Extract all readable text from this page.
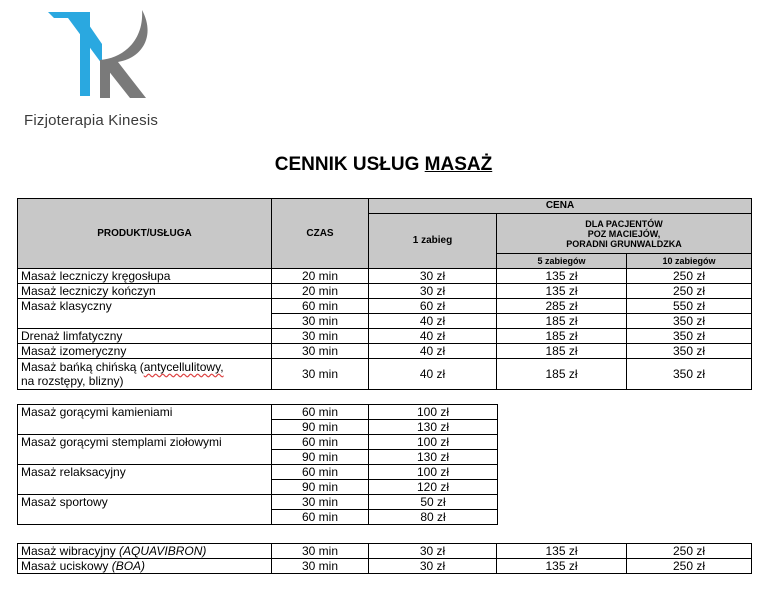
Fizjoterapia Kinesis
CENNIK USŁUG MASAŻ
PRODUKT/USŁUGA	CZAS	CENA		
		1 zabieg	DLA PACJENTÓW
POZ MACIEJÓW,
PORADNI GRUNWALDZKA	

			5 zabiegów	10 zabiegów
Masaż leczniczy kręgosłupa	20 min	30 zł	135 zł	250 zł
Masaż leczniczy kończyn	20 min	30 zł	135 zł	250 zł
Masaż klasyczny	60 min	60 zł	285 zł	550 zł
	30 min	40 zł	185 zł	350 zł
Drenaż limfatyczny	30 min	40 zł	185 zł	350 zł
Masaż izomeryczny	30 min	40 zł	185 zł	350 zł
Masaż bańką chińską (antycellulitowy,
na rozstępy, blizny)	30 min	40 zł	185 zł	350 zł
Masaż gorącymi kamieniami	60 min	100 zł
	90 min	130 zł
Masaż gorącymi stemplami ziołowymi	60 min	100 zł
	90 min	130 zł
Masaż relaksacyjny	60 min	100 zł
	90 min	120 zł
Masaż sportowy	30 min	50 zł
	60 min	80 zł
Masaż wibracyjny (AQUAVIBRON)	30 min	30 zł	135 zł	250 zł
Masaż uciskowy (BOA)	30 min	30 zł	135 zł	250 zł
